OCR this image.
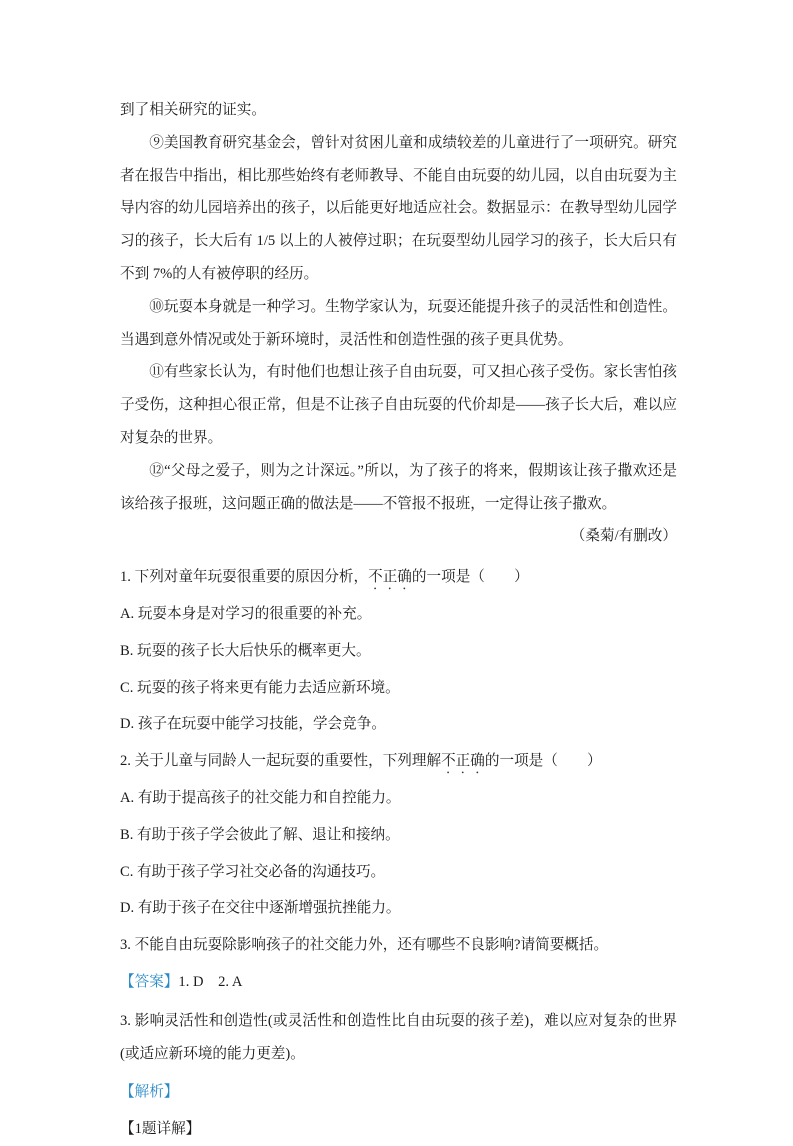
到了相关研究的证实。

⑨美国教育研究基金会，曾针对贫困儿童和成绩较差的儿童进行了一项研究。研究者在报告中指出，相比那些始终有老师教导、不能自由玩耍的幼儿园，以自由玩耍为主导内容的幼儿园培养出的孩子，以后能更好地适应社会。数据显示：在教导型幼儿园学习的孩子，长大后有 1/5 以上的人被停过职；在玩耍型幼儿园学习的孩子，长大后只有不到 7%的人有被停职的经历。

⑩玩耍本身就是一种学习。生物学家认为，玩耍还能提升孩子的灵活性和创造性。当遇到意外情况或处于新环境时，灵活性和创造性强的孩子更具优势。

⑪有些家长认为，有时他们也想让孩子自由玩耍，可又担心孩子受伤。家长害怕孩子受伤，这种担心很正常，但是不让孩子自由玩耍的代价却是——孩子长大后，难以应对复杂的世界。

⑫“父母之爱子，则为之计深远。”所以，为了孩子的将来，假期该让孩子撒欢还是该给孩子报班，这问题正确的做法是——不管报不报班，一定得让孩子撒欢。

（桑菊/有删改）

1. 下列对童年玩耍很重要的原因分析，不正确的一项是（　　）

A. 玩耍本身是对学习的很重要的补充。

B. 玩耍的孩子长大后快乐的概率更大。

C. 玩耍的孩子将来更有能力去适应新环境。

D. 孩子在玩耍中能学习技能，学会竞争。

2. 关于儿童与同龄人一起玩耍的重要性，下列理解不正确的一项是（　　）

A. 有助于提高孩子的社交能力和自控能力。

B. 有助于孩子学会彼此了解、退让和接纳。

C. 有助于孩子学习社交必备的沟通技巧。

D. 有助于孩子在交往中逐渐增强抗挫能力。

3. 不能自由玩耍除影响孩子的社交能力外，还有哪些不良影响?请简要概括。

【答案】1. D    2. A

3. 影响灵活性和创造性(或灵活性和创造性比自由玩耍的孩子差)，难以应对复杂的世界(或适应新环境的能力更差)。

【解析】

【1题详解】
